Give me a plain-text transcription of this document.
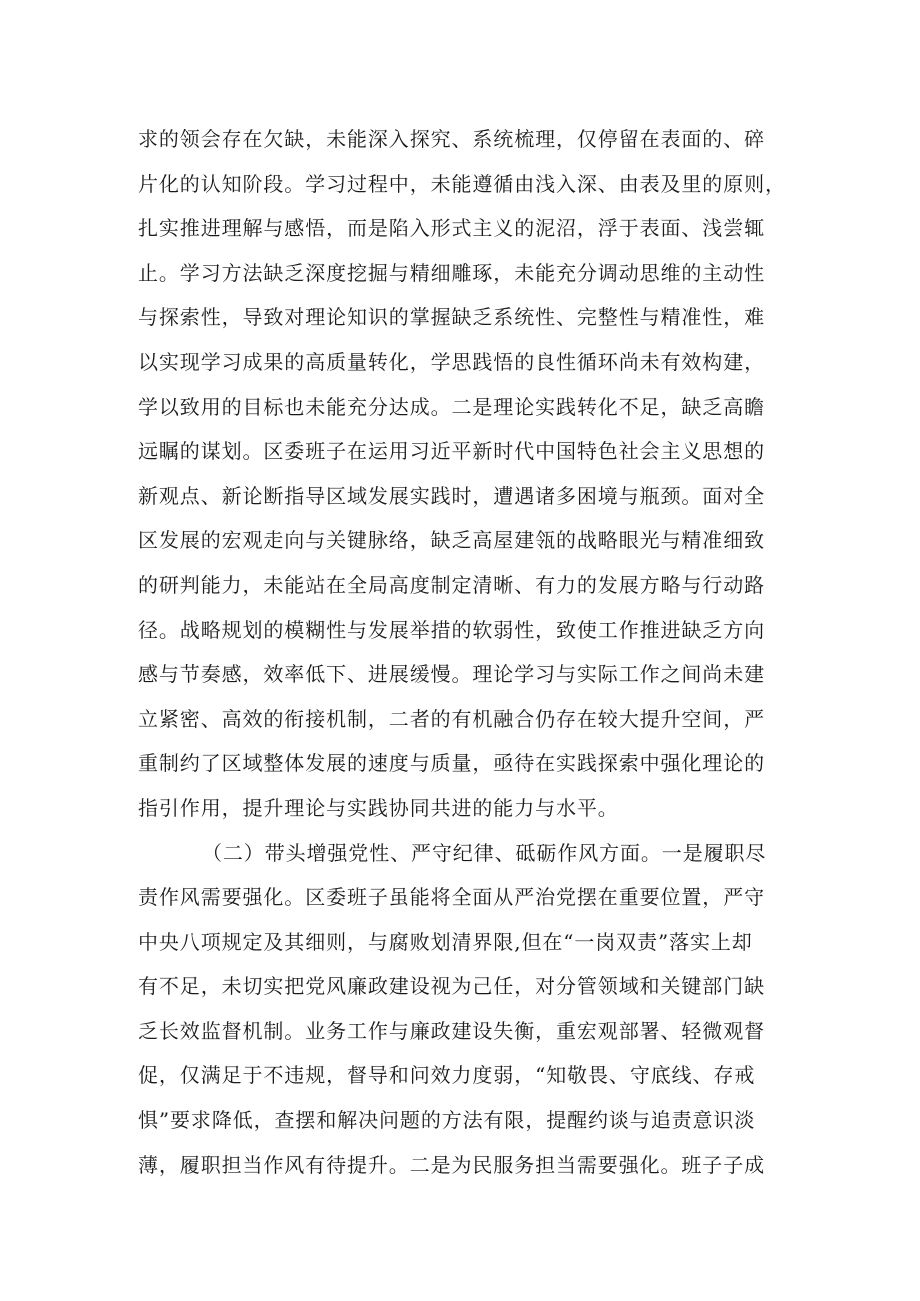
求的领会存在欠缺，未能深入探究、系统梳理，仅停留在表面的、碎
片化的认知阶段。学习过程中，未能遵循由浅入深、由表及里的原则，
扎实推进理解与感悟，而是陷入形式主义的泥沼，浮于表面、浅尝辄
止。学习方法缺乏深度挖掘与精细雕琢，未能充分调动思维的主动性
与探索性，导致对理论知识的掌握缺乏系统性、完整性与精准性，难
以实现学习成果的高质量转化，学思践悟的良性循环尚未有效构建，
学以致用的目标也未能充分达成。二是理论实践转化不足，缺乏高瞻
远瞩的谋划。区委班子在运用习近平新时代中国特色社会主义思想的
新观点、新论断指导区域发展实践时，遭遇诸多困境与瓶颈。面对全
区发展的宏观走向与关键脉络，缺乏高屋建瓴的战略眼光与精准细致
的研判能力，未能站在全局高度制定清晰、有力的发展方略与行动路
径。战略规划的模糊性与发展举措的软弱性，致使工作推进缺乏方向
感与节奏感，效率低下、进展缓慢。理论学习与实际工作之间尚未建
立紧密、高效的衔接机制，二者的有机融合仍存在较大提升空间，严
重制约了区域整体发展的速度与质量，亟待在实践探索中强化理论的
指引作用，提升理论与实践协同共进的能力与水平。
（二）带头增强党性、严守纪律、砥砺作风方面。一是履职尽
责作风需要强化。区委班子虽能将全面从严治党摆在重要位置，严守
中央八项规定及其细则，与腐败划清界限,但在“一岗双责”落实上却
有不足，未切实把党风廉政建设视为己任，对分管领域和关键部门缺
乏长效监督机制。业务工作与廉政建设失衡，重宏观部署、轻微观督
促，仅满足于不违规，督导和问效力度弱，“知敬畏、守底线、存戒
惧”要求降低，查摆和解决问题的方法有限，提醒约谈与追责意识淡
薄，履职担当作风有待提升。二是为民服务担当需要强化。班子子成
